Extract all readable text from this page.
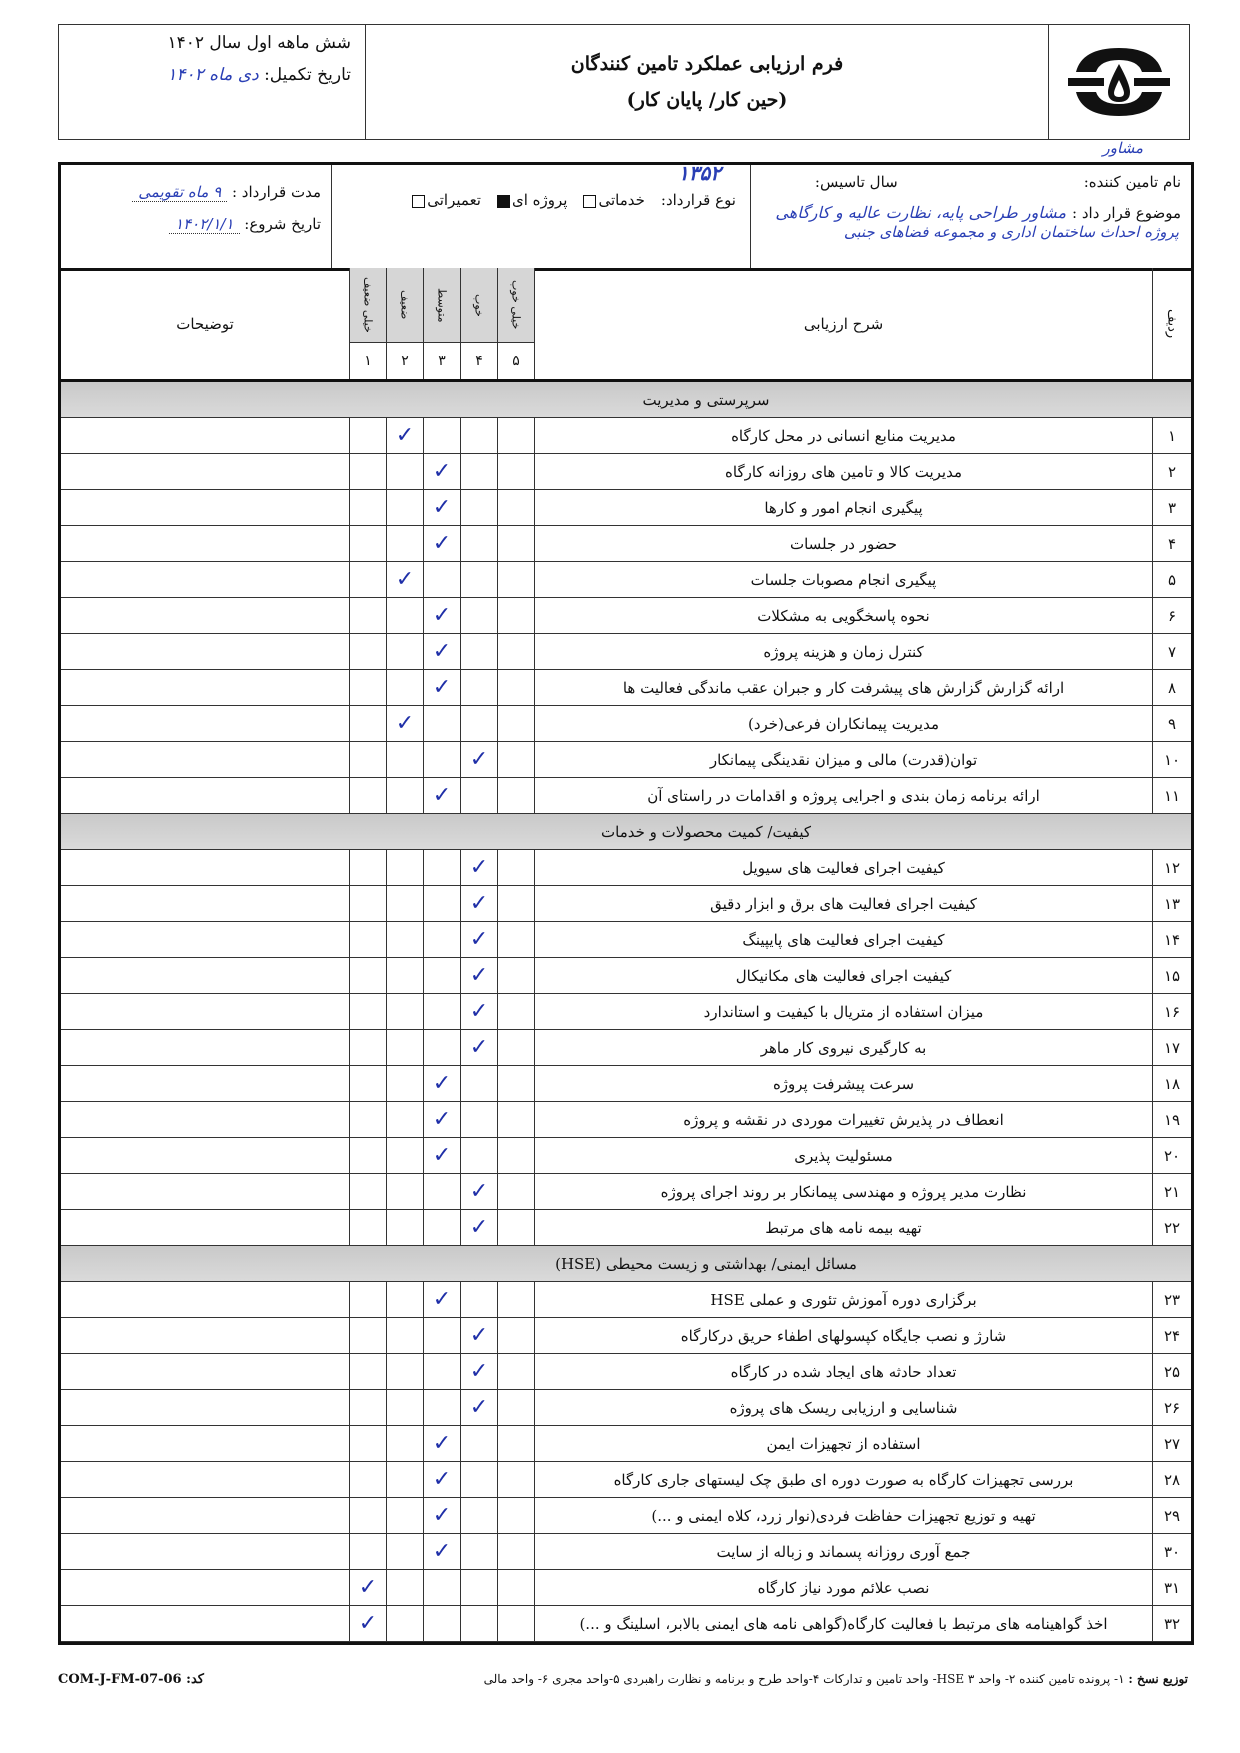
فرم ارزیابی عملکرد تامین کنندگان
(حین کار/ پایان کار)
شش ماهه اول سال ۱۴۰۲
تاریخ تکمیل: دی ماه ۱۴۰۲
مشاور
نام تامین کننده:
سال تاسیس:
۱۳۵۲
موضوع قرار داد :
مشاور طراحی پایه، نظارت عالیه و کارگاهی
پروژه احداث ساختمان اداری و مجموعه فضاهای جنبی
نوع قرارداد:
خدماتی
پروژه ای
تعمیراتی
مدت قرارداد : ۹ ماه تقویمی
تاریخ شروع: ۱۴۰۲/۱/۱
ردیف
شرح ارزیابی
خیلی خوب
خوب
متوسط
ضعیف
خیلی ضعیف
۵
۴
۳
۲
۱
توضیحات
سرپرستی و مدیریت
۱
مدیریت منابع انسانی در محل کارگاه
✓
۲
مدیریت کالا و تامین های روزانه کارگاه
✓
۳
پیگیری انجام امور و کارها
✓
۴
حضور در جلسات
✓
۵
پیگیری انجام مصوبات جلسات
✓
۶
نحوه پاسخگویی به مشکلات
✓
۷
کنترل زمان و هزینه پروژه
✓
۸
ارائه گزارش گزارش های پیشرفت کار و جبران عقب ماندگی فعالیت ها
✓
۹
مدیریت پیمانکاران فرعی(خرد)
✓
۱۰
توان(قدرت) مالی و میزان نقدینگی پیمانکار
✓
۱۱
ارائه برنامه زمان بندی و اجرایی پروژه و اقدامات در راستای آن
✓
کیفیت/ کمیت محصولات و خدمات
۱۲
کیفیت اجرای فعالیت های سیویل
✓
۱۳
کیفیت اجرای فعالیت های برق و ابزار دقیق
✓
۱۴
کیفیت اجرای فعالیت های پایپینگ
✓
۱۵
کیفیت اجرای فعالیت های مکانیکال
✓
۱۶
میزان استفاده از متریال با کیفیت و استاندارد
✓
۱۷
به کارگیری نیروی کار ماهر
✓
۱۸
سرعت پیشرفت پروژه
✓
۱۹
انعطاف در پذیرش تغییرات موردی در نقشه و پروژه
✓
۲۰
مسئولیت پذیری
✓
۲۱
نظارت مدیر پروژه و مهندسی پیمانکار بر روند اجرای پروژه
✓
۲۲
تهیه بیمه نامه های مرتبط
✓
مسائل ایمنی/ بهداشتی و زیست محیطی (HSE)
۲۳
برگزاری دوره آموزش تئوری و عملی HSE
✓
۲۴
شارژ و نصب جایگاه کپسولهای اطفاء حریق درکارگاه
✓
۲۵
تعداد حادثه های ایجاد شده در کارگاه
✓
۲۶
شناسایی و ارزیابی ریسک های پروژه
✓
۲۷
استفاده از تجهیزات ایمن
✓
۲۸
بررسی تجهیزات کارگاه به صورت دوره ای طبق چک لیستهای جاری کارگاه
✓
۲۹
تهیه و توزیع تجهیزات حفاظت فردی(نوار زرد، کلاه ایمنی و ...)
✓
۳۰
جمع آوری روزانه پسماند و زباله از سایت
✓
۳۱
نصب علائم مورد نیاز کارگاه
✓
۳۲
اخذ گواهینامه های مرتبط با فعالیت کارگاه(گواهی نامه های ایمنی بالابر، اسلینگ و ...)
✓
توزیع نسخ : ۱- پرونده تامین کننده ۲- واحد HSE ۳- واحد تامین و تدارکات ۴-واحد طرح و برنامه و نظارت راهبردی ۵-واحد مجری ۶- واحد مالی
کد: COM-J-FM-07-06
